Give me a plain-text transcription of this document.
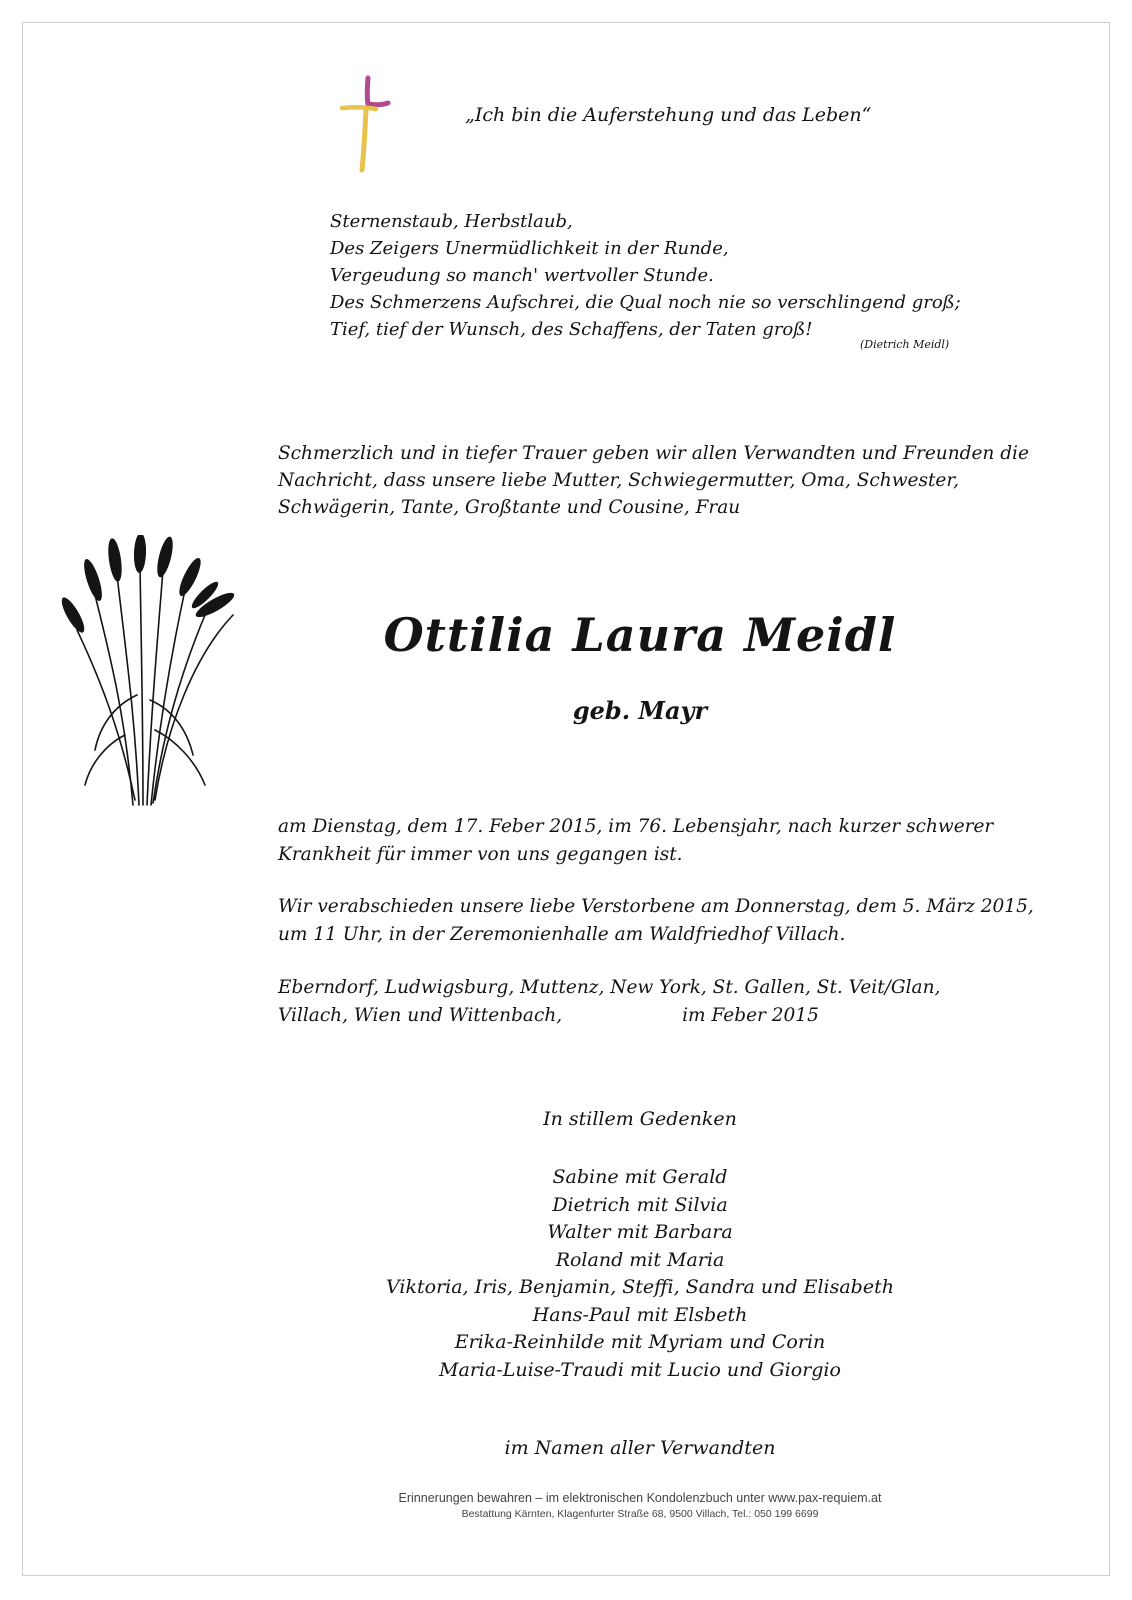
„Ich bin die Auferstehung und das Leben“
Sternenstaub, Herbstlaub,
Des Zeigers Unermüdlichkeit in der Runde,
Vergeudung so manch' wertvoller Stunde.
Des Schmerzens Aufschrei, die Qual noch nie so verschlingend groß;
Tief, tief der Wunsch, des Schaffens, der Taten groß!
(Dietrich Meidl)
Schmerzlich und in tiefer Trauer geben wir allen Verwandten und Freunden die
Nachricht, dass unsere liebe Mutter, Schwiegermutter, Oma, Schwester,
Schwägerin, Tante, Großtante und Cousine, Frau
Ottilia Laura Meidl
geb. Mayr
am Dienstag, dem 17. Feber 2015, im 76. Lebensjahr, nach kurzer schwerer
Krankheit für immer von uns gegangen ist.
Wir verabschieden unsere liebe Verstorbene am Donnerstag, dem 5. März 2015,
um 11 Uhr, in der Zeremonienhalle am Waldfriedhof Villach.
Eberndorf, Ludwigsburg, Muttenz, New York, St. Gallen, St. Veit/Glan,
Villach, Wien und Wittenbach,	im Feber 2015
In stillem Gedenken
Sabine mit Gerald
Dietrich mit Silvia
Walter mit Barbara
Roland mit Maria
Viktoria, Iris, Benjamin, Steffi, Sandra und Elisabeth
Hans-Paul mit Elsbeth
Erika-Reinhilde mit Myriam und Corin
Maria-Luise-Traudi mit Lucio und Giorgio
im Namen aller Verwandten
Erinnerungen bewahren – im elektronischen Kondolenzbuch unter www.pax-requiem.at
Bestattung Kärnten, Klagenfurter Straße 68, 9500 Villach, Tel.: 050 199 6699
